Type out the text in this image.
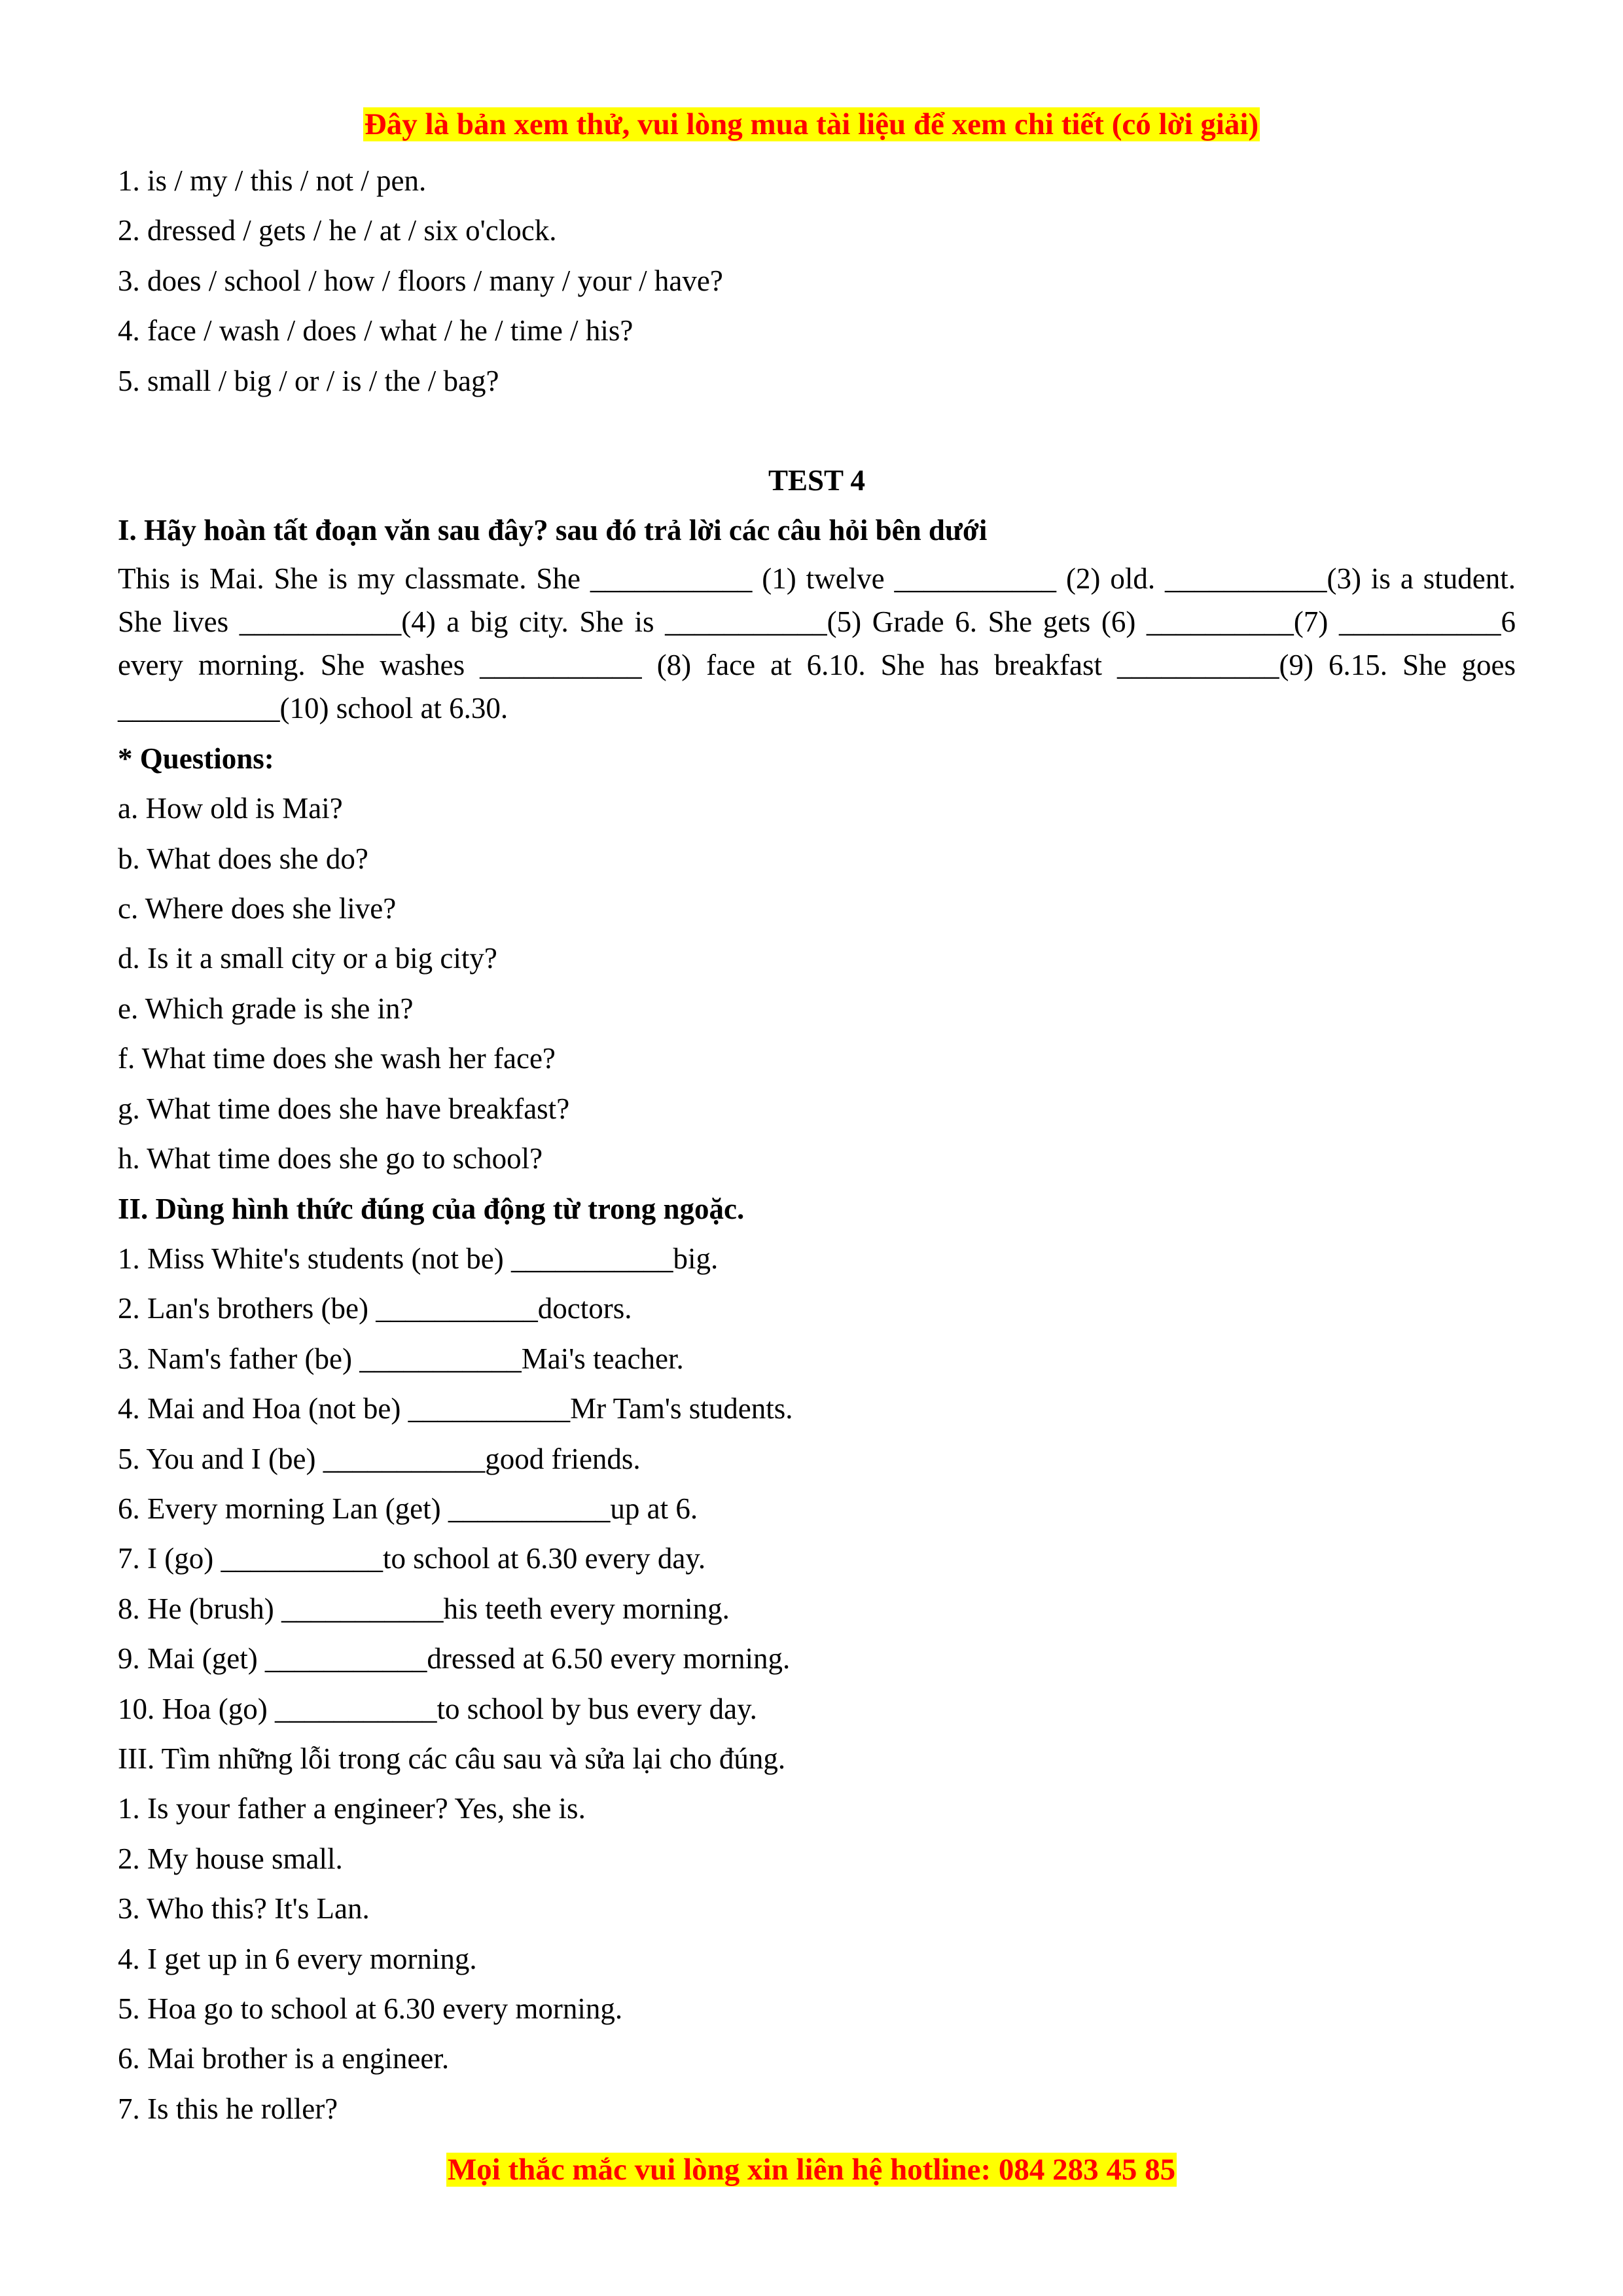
Đây là bản xem thử, vui lòng mua tài liệu để xem chi tiết (có lời giải)
1. is / my / this / not / pen.
2. dressed / gets / he / at / six o'clock.
3. does / school / how / floors / many / your / have?
4. face / wash / does / what / he / time / his?
5. small / big / or / is / the / bag?
TEST 4
I. Hãy hoàn tất đoạn văn sau đây? sau đó trả lời các câu hỏi bên dưới
This is Mai. She is my classmate. She ___________ (1) twelve ___________ (2) old. ___________(3) is a student. She lives ___________(4) a big city. She is ___________(5) Grade 6. She gets (6) __________(7) ___________6 every morning. She washes ___________ (8) face at 6.10. She has breakfast ___________(9) 6.15. She goes ___________(10) school at 6.30.
* Questions:
a. How old is Mai?
b. What does she do?
c. Where does she live?
d. Is it a small city or a big city?
e. Which grade is she in?
f. What time does she wash her face?
g. What time does she have breakfast?
h. What time does she go to school?
II. Dùng hình thức đúng của động từ trong ngoặc.
1. Miss White's students (not be) ___________big.
2. Lan's brothers (be) ___________doctors.
3. Nam's father (be) ___________Mai's teacher.
4. Mai and Hoa (not be) ___________Mr Tam's students.
5. You and I (be) ___________good friends.
6. Every morning Lan (get) ___________up at 6.
7. I (go) ___________to school at 6.30 every day.
8. He (brush) ___________his teeth every morning.
9. Mai (get) ___________dressed at 6.50 every morning.
10. Hoa (go) ___________to school by bus every day.
III. Tìm những lỗi trong các câu sau và sửa lại cho đúng.
1. Is your father a engineer? Yes, she is.
2. My house small.
3. Who this? It's Lan.
4. I get up in 6 every morning.
5. Hoa go to school at 6.30 every morning.
6. Mai brother is a engineer.
7. Is this he roller?
Mọi thắc mắc vui lòng xin liên hệ hotline: 084 283 45 85
